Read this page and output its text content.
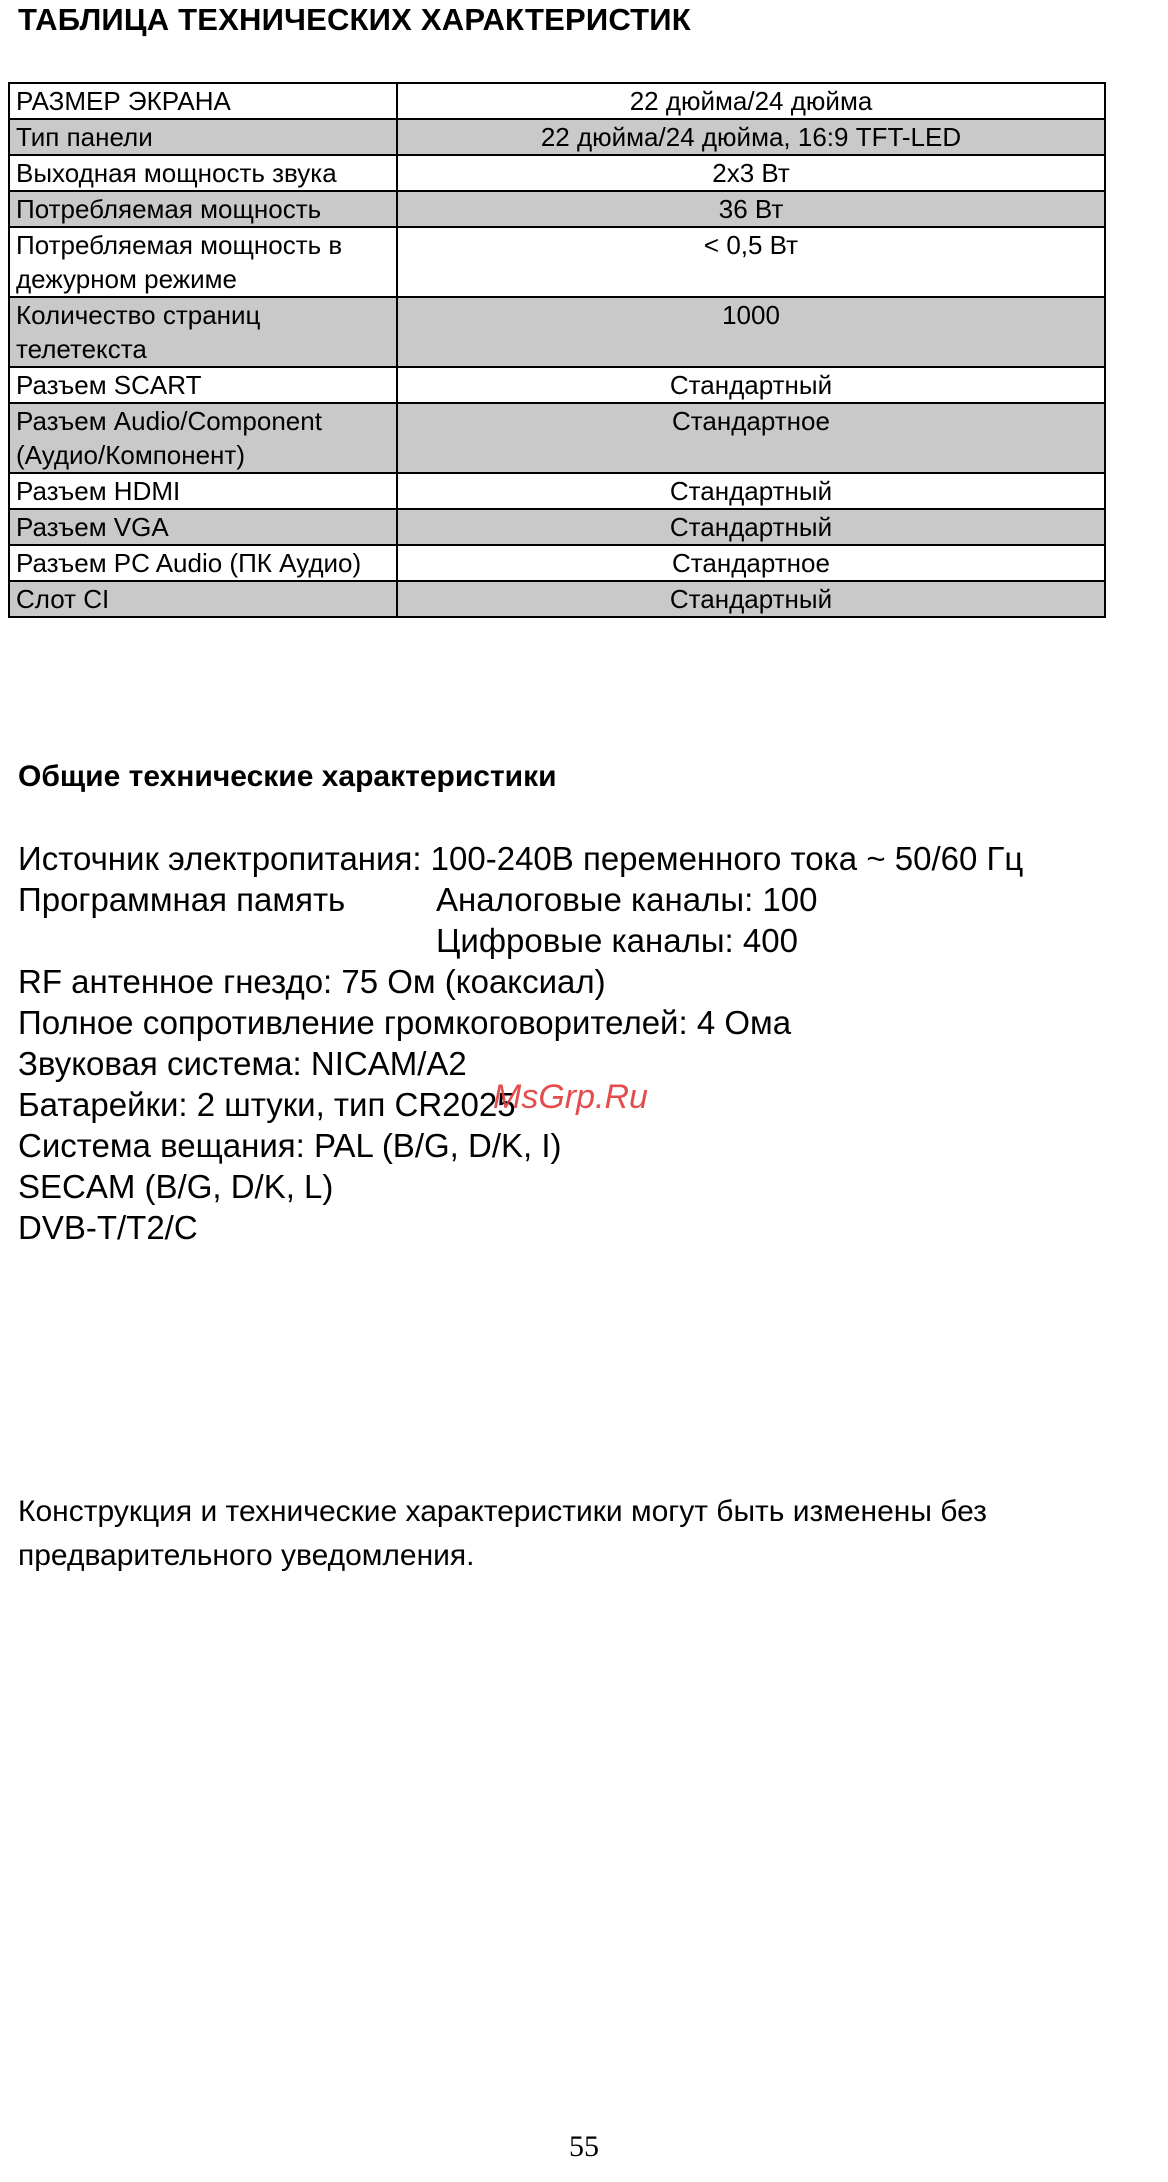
ТАБЛИЦА ТЕХНИЧЕСКИХ ХАРАКТЕРИСТИК
РАЗМЕР ЭКРАНА	22 дюйма/24 дюйма
Тип панели	22 дюйма/24 дюйма, 16:9 TFT-LED
Выходная мощность звука	2x3 Вт
Потребляемая мощность	36 Вт
Потребляемая мощность в дежурном режиме	< 0,5 Вт
Количество страниц телетекста	1000
Разъем SCART	Стандартный
Разъем Audio/Component (Аудио/Компонент)	Стандартное
Разъем HDMI	Стандартный
Разъем VGA	Стандартный
Разъем PC Audio (ПК Аудио)	Стандартное
Слот CI	Стандартный
Общие технические характеристики
Источник электропитания: 100-240В переменного тока ~ 50/60 Гц
Программная память	Аналоговые каналы: 100
Цифровые каналы: 400
RF антенное гнездо: 75 Ом (коаксиал)
Полное сопротивление громкоговорителей: 4 Ома
Звуковая система: NICAM/A2
Батарейки: 2 штуки, тип CR2025
Система вещания: PAL (B/G, D/K, I)
SECAM (B/G, D/K, L)
DVB-T/T2/C
MsGrp.Ru
Конструкция и технические характеристики могут быть изменены без
предварительного уведомления.
55
